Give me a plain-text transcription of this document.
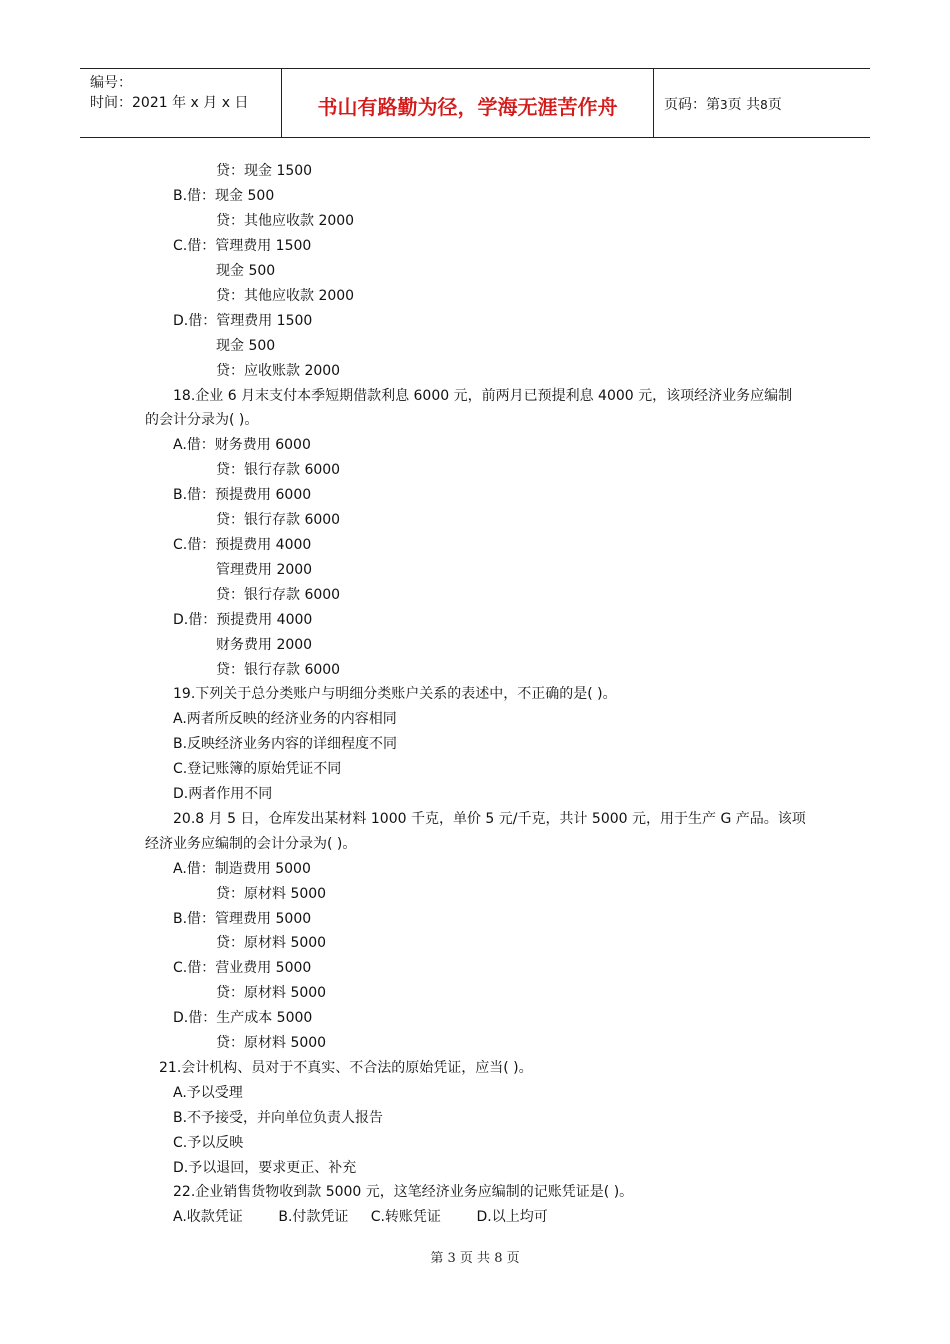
编号：
时间：2021 年 x 月 x 日	书山有路勤为径，学海无涯苦作舟	页码：第3页 共8页
贷：现金 1500
B.借：现金 500
贷：其他应收款 2000
C.借：管理费用 1500
现金 500
贷：其他应收款 2000
D.借：管理费用 1500
现金 500
贷：应收账款 2000
18.企业 6 月末支付本季短期借款利息 6000 元，前两月已预提利息 4000 元，该项经济业务应编制
的会计分录为( )。
A.借：财务费用 6000
贷：银行存款 6000
B.借：预提费用 6000
贷：银行存款 6000
C.借：预提费用 4000
管理费用 2000
贷：银行存款 6000
D.借：预提费用 4000
财务费用 2000
贷：银行存款 6000
19.下列关于总分类账户与明细分类账户关系的表述中，不正确的是( )。
A.两者所反映的经济业务的内容相同
B.反映经济业务内容的详细程度不同
C.登记账簿的原始凭证不同
D.两者作用不同
20.8 月 5 日，仓库发出某材料 1000 千克，单价 5 元/千克，共计 5000 元，用于生产 G 产品。该项
经济业务应编制的会计分录为( )。
A.借：制造费用 5000
贷：原材料 5000
B.借：管理费用 5000
贷：原材料 5000
C.借：营业费用 5000
贷：原材料 5000
D.借：生产成本 5000
贷：原材料 5000
21.会计机构、员对于不真实、不合法的原始凭证，应当( )。
A.予以受理
B.不予接受，并向单位负责人报告
C.予以反映
D.予以退回，要求更正、补充
22.企业销售货物收到款 5000 元，这笔经济业务应编制的记账凭证是( )。
A.收款凭证        B.付款凭证     C.转账凭证        D.以上均可
第 3 页 共 8 页
